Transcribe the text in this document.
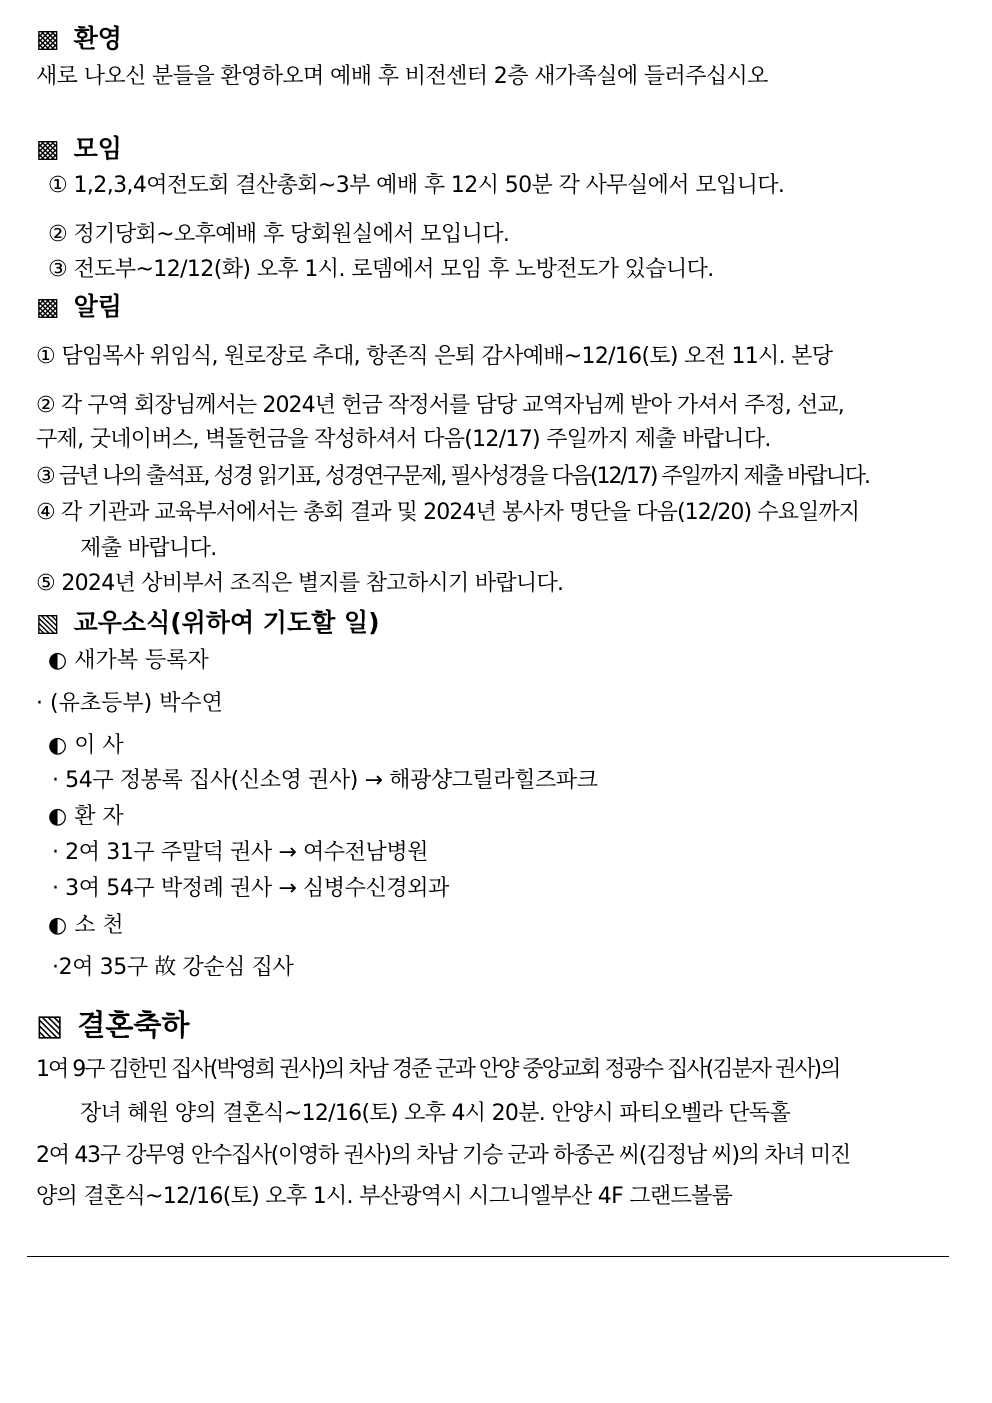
▩ 환영
새로 나오신 분들을 환영하오며 예배 후 비전센터 2층 새가족실에 들러주십시오
▩ 모임
① 1,2,3,4여전도회 결산총회~3부 예배 후 12시 50분 각 사무실에서 모입니다.
② 정기당회~오후예배 후 당회원실에서 모입니다.
③ 전도부~12/12(화) 오후 1시. 로뎀에서 모임 후 노방전도가 있습니다.
▩ 알림
① 담임목사 위임식, 원로장로 추대, 항존직 은퇴 감사예배~12/16(토) 오전 11시. 본당
② 각 구역 회장님께서는 2024년 헌금 작정서를 담당 교역자님께 받아 가셔서 주정, 선교,
구제, 굿네이버스, 벽돌헌금을 작성하셔서 다음(12/17) 주일까지 제출 바랍니다.
③ 금년 나의 출석표, 성경 읽기표, 성경연구문제, 필사성경을 다음(12/17) 주일까지 제출 바랍니다.
④ 각 기관과 교육부서에서는 총회 결과 및 2024년 봉사자 명단을 다음(12/20) 수요일까지
제출 바랍니다.
⑤ 2024년 상비부서 조직은 별지를 참고하시기 바랍니다.
▧ 교우소식(위하여 기도할 일)
◐ 새가복 등록자
· (유초등부) 박수연
◐ 이 사
· 54구 정봉록 집사(신소영 권사) → 해광샹그릴라힐즈파크
◐ 환 자
· 2여 31구 주말덕 권사 → 여수전남병원
· 3여 54구 박정례 권사 → 심병수신경외과
◐ 소 천
·2여 35구 故 강순심 집사
▧ 결혼축하
1여 9구 김한민 집사(박영희 권사)의 차남 경준 군과 안양 중앙교회 정광수 집사(김분자 권사)의
장녀 혜원 양의 결혼식~12/16(토) 오후 4시 20분. 안양시 파티오벨라 단독홀
2여 43구 강무영 안수집사(이영하 권사)의 차남 기승 군과 하종곤 씨(김정남 씨)의 차녀 미진
양의 결혼식~12/16(토) 오후 1시. 부산광역시 시그니엘부산 4F 그랜드볼룸
